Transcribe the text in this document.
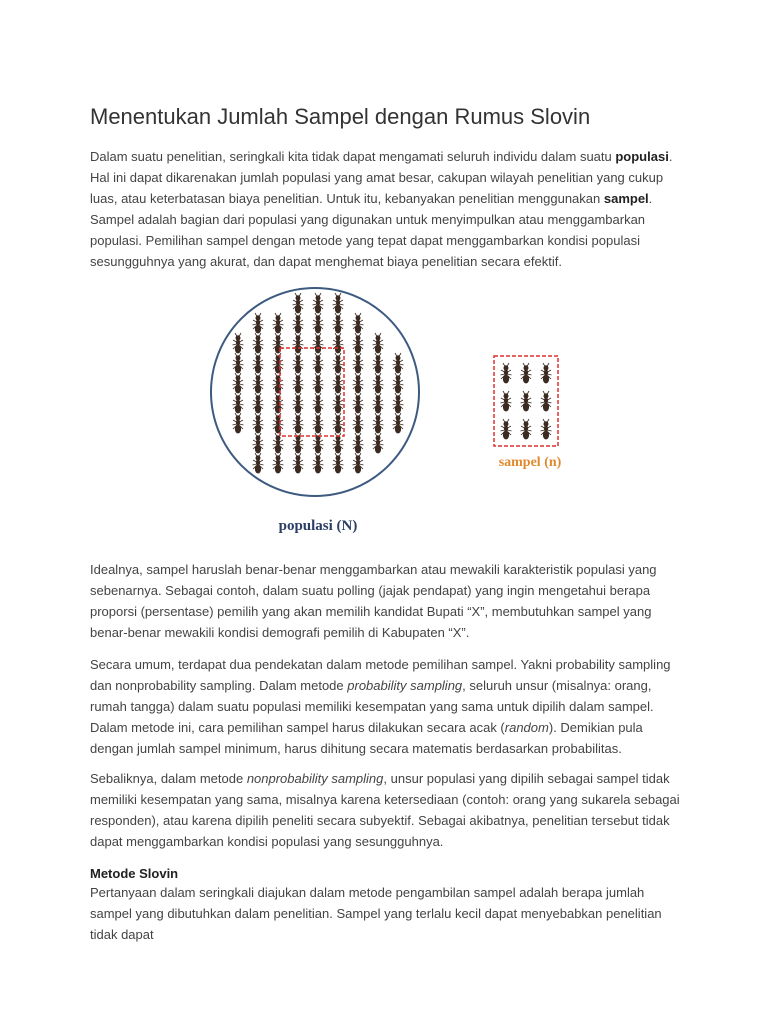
Menentukan Jumlah Sampel dengan Rumus Slovin

Dalam suatu penelitian, seringkali kita tidak dapat mengamati seluruh individu dalam suatu populasi. Hal ini dapat dikarenakan jumlah populasi yang amat besar, cakupan wilayah penelitian yang cukup luas, atau keterbatasan biaya penelitian. Untuk itu, kebanyakan penelitian menggunakan sampel. Sampel adalah bagian dari populasi yang digunakan untuk menyimpulkan atau menggambarkan populasi. Pemilihan sampel dengan metode yang tepat dapat menggambarkan kondisi populasi sesungguhnya yang akurat, dan dapat menghemat biaya penelitian secara efektif.

sampel (n)
populasi (N)

Idealnya, sampel haruslah benar-benar menggambarkan atau mewakili karakteristik populasi yang sebenarnya. Sebagai contoh, dalam suatu polling (jajak pendapat) yang ingin mengetahui berapa proporsi (persentase) pemilih yang akan memilih kandidat Bupati “X”, membutuhkan sampel yang benar-benar mewakili kondisi demografi pemilih di Kabupaten “X”.

Secara umum, terdapat dua pendekatan dalam metode pemilihan sampel. Yakni probability sampling dan nonprobability sampling. Dalam metode probability sampling, seluruh unsur (misalnya: orang, rumah tangga) dalam suatu populasi memiliki kesempatan yang sama untuk dipilih dalam sampel. Dalam metode ini, cara pemilihan sampel harus dilakukan secara acak (random). Demikian pula dengan jumlah sampel minimum, harus dihitung secara matematis berdasarkan probabilitas.

Sebaliknya, dalam metode nonprobability sampling, unsur populasi yang dipilih sebagai sampel tidak memiliki kesempatan yang sama, misalnya karena ketersediaan (contoh: orang yang sukarela sebagai responden), atau karena dipilih peneliti secara subyektif. Sebagai akibatnya, penelitian tersebut tidak dapat menggambarkan kondisi populasi yang sesungguhnya.

Metode Slovin

Pertanyaan dalam seringkali diajukan dalam metode pengambilan sampel adalah berapa jumlah sampel yang dibutuhkan dalam penelitian. Sampel yang terlalu kecil dapat menyebabkan penelitian tidak dapat
